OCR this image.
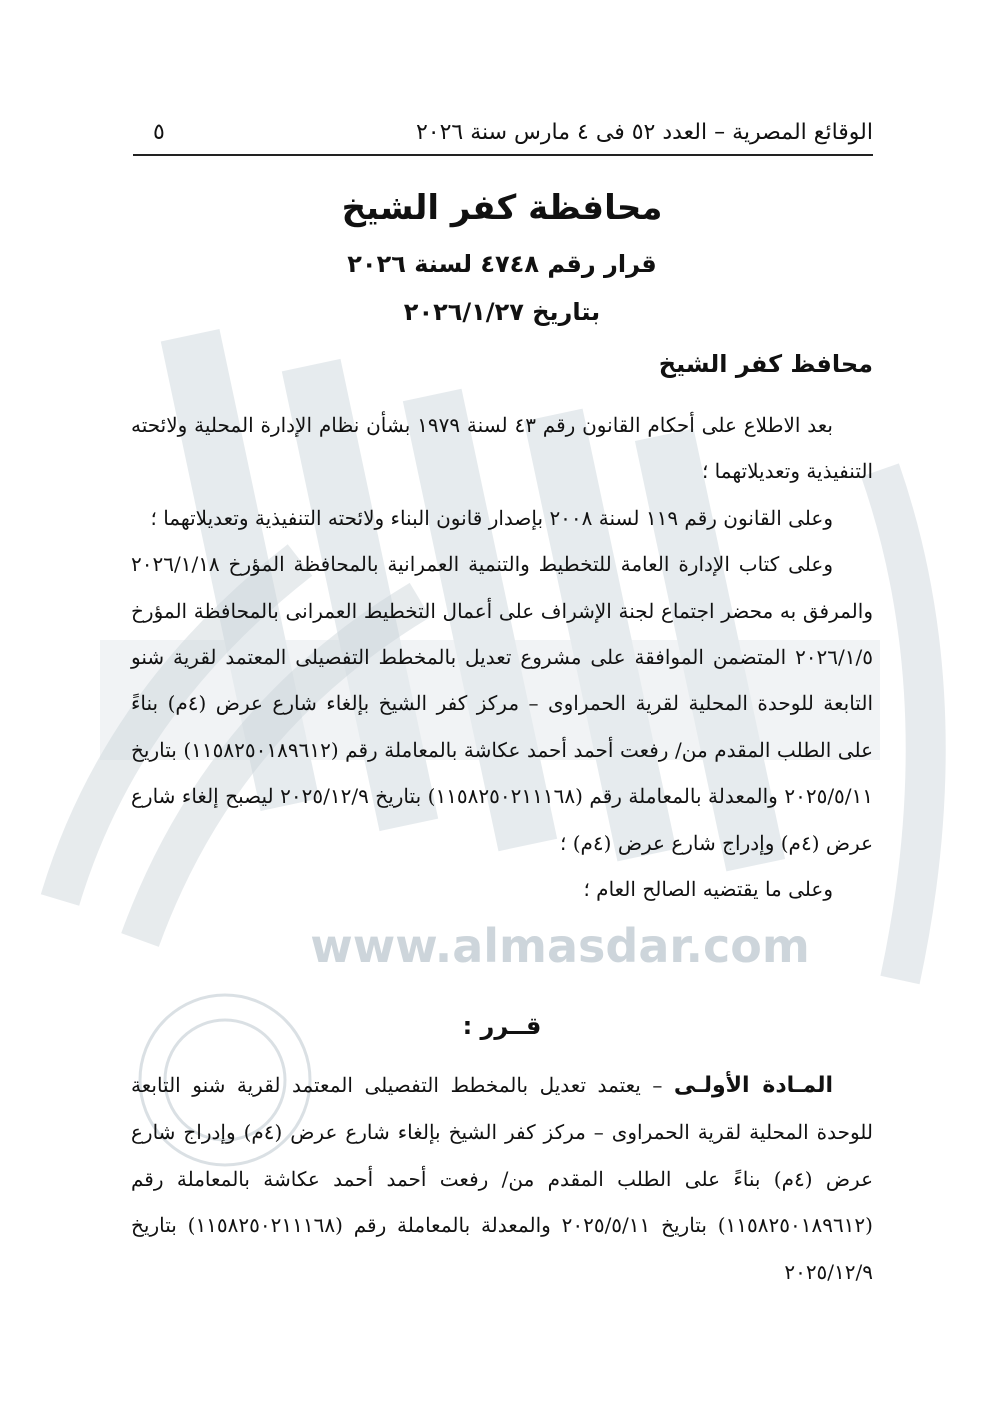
www.almasdar.com
الوقائع المصرية – العدد ٥٢ فى ٤ مارس سنة ٢٠٢٦
٥
محافظة كفر الشيخ
قرار رقم ٤٧٤٨ لسنة ٢٠٢٦
بتاريخ ٢٠٢٦/١/٢٧
محافظ كفر الشيخ

بعد الاطلاع على أحكام القانون رقم ٤٣ لسنة ١٩٧٩ بشأن نظام الإدارة المحلية ولائحته التنفيذية وتعديلاتهما ؛

وعلى القانون رقم ١١٩ لسنة ٢٠٠٨ بإصدار قانون البناء ولائحته التنفيذية وتعديلاتهما ؛

وعلى كتاب الإدارة العامة للتخطيط والتنمية العمرانية بالمحافظة المؤرخ ٢٠٢٦/١/١٨ والمرفق به محضر اجتماع لجنة الإشراف على أعمال التخطيط العمرانى بالمحافظة المؤرخ ٢٠٢٦/١/٥ المتضمن الموافقة على مشروع تعديل بالمخطط التفصيلى المعتمد لقرية شنو التابعة للوحدة المحلية لقرية الحمراوى – مركز كفر الشيخ بإلغاء شارع عرض (٤م) بناءً على الطلب المقدم من/ رفعت أحمد أحمد عكاشة بالمعاملة رقم (١١٥٨٢٥٠١٨٩٦١٢) بتاريخ ٢٠٢٥/٥/١١ والمعدلة بالمعاملة رقم (١١٥٨٢٥٠٢١١١٦٨) بتاريخ ٢٠٢٥/١٢/٩ ليصبح إلغاء شارع عرض (٤م) وإدراج شارع عرض (٤م) ؛

وعلى ما يقتضيه الصالح العام ؛

قــرر :

المـادة الأولـى – يعتمد تعديل بالمخطط التفصيلى المعتمد لقرية شنو التابعة للوحدة المحلية لقرية الحمراوى – مركز كفر الشيخ بإلغاء شارع عرض (٤م) وإدراج شارع عرض (٤م) بناءً على الطلب المقدم من/ رفعت أحمد أحمد عكاشة بالمعاملة رقم (١١٥٨٢٥٠١٨٩٦١٢) بتاريخ ٢٠٢٥/٥/١١ والمعدلة بالمعاملة رقم (١١٥٨٢٥٠٢١١١٦٨) بتاريخ ٢٠٢٥/١٢/٩
